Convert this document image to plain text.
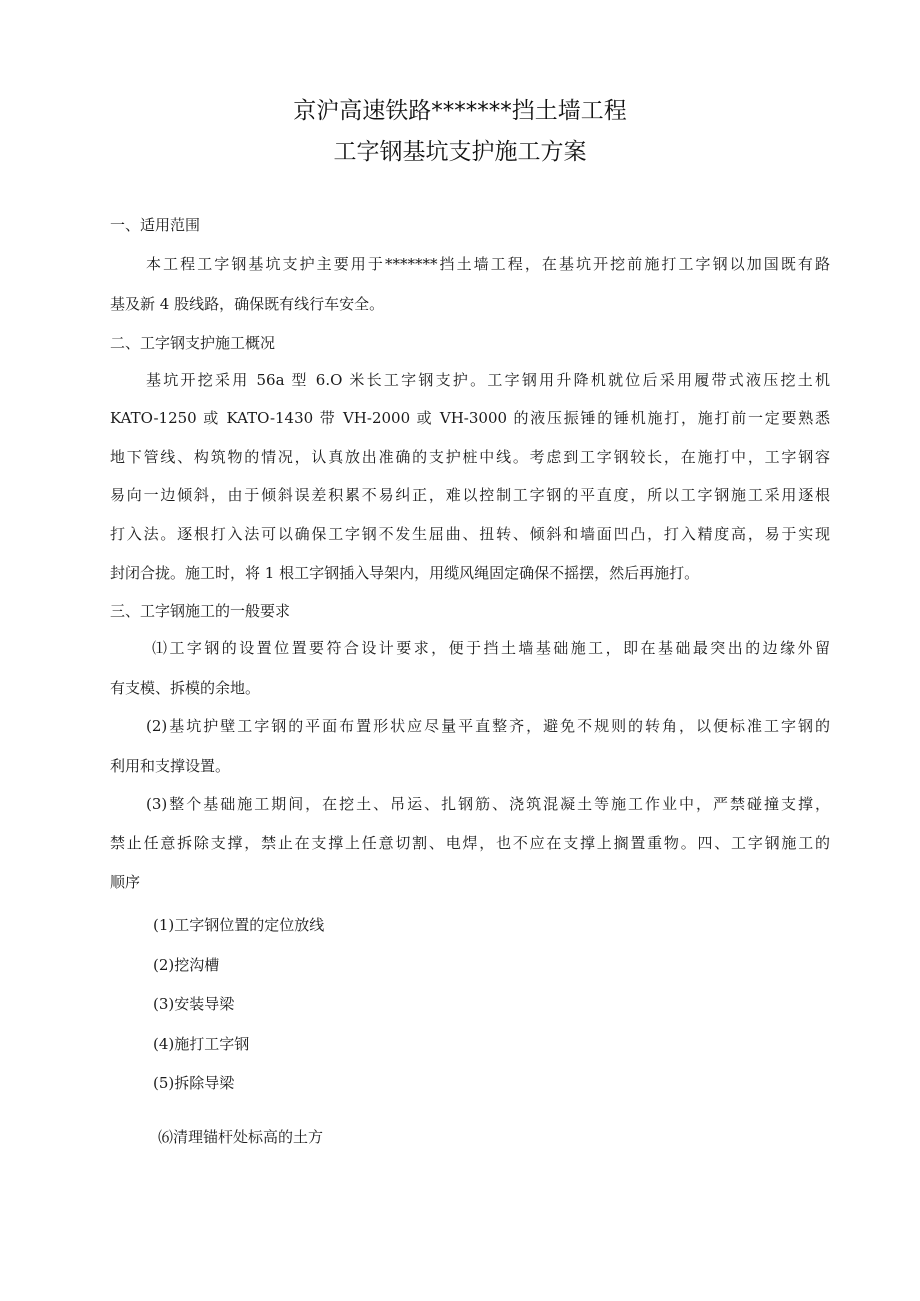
京沪高速铁路*******挡土墙工程
工字钢基坑支护施工方案
一、适用范围
本工程工字钢基坑支护主要用于*******挡土墙工程，在基坑开挖前施打工字钢以加国既有路
基及新 4 股线路，确保既有线行车安全。
二、工字钢支护施工概况
基坑开挖采用 56a 型 6.O 米长工字钢支护。工字钢用升降机就位后采用履带式液压挖土机
KATO-1250 或 KATO-1430 带 VH-2000 或 VH-3000 的液压振锤的锤机施打，施打前一定要熟悉
地下管线、构筑物的情况，认真放出准确的支护桩中线。考虑到工字钢较长，在施打中，工字钢容
易向一边倾斜，由于倾斜误差积累不易纠正，难以控制工字钢的平直度，所以工字钢施工采用逐根
打入法。逐根打入法可以确保工字钢不发生屈曲、扭转、倾斜和墙面凹凸，打入精度高，易于实现
封闭合拢。施工时，将 1 根工字钢插入导架内，用缆风绳固定确保不摇摆，然后再施打。
三、工字钢施工的一般要求
⑴工字钢的设置位置要符合设计要求，便于挡土墙基础施工，即在基础最突出的边缘外留
有支模、拆模的余地。
(2)基坑护壁工字钢的平面布置形状应尽量平直整齐，避免不规则的转角，以便标准工字钢的
利用和支撑设置。
(3)整个基础施工期间，在挖土、吊运、扎钢筋、浇筑混凝土等施工作业中，严禁碰撞支撑，
禁止任意拆除支撑，禁止在支撑上任意切割、电焊，也不应在支撑上搁置重物。四、工字钢施工的
顺序
(1)工字钢位置的定位放线
(2)挖沟槽
(3)安装导梁
(4)施打工字钢
(5)拆除导梁
⑹清理锚杆处标高的土方
